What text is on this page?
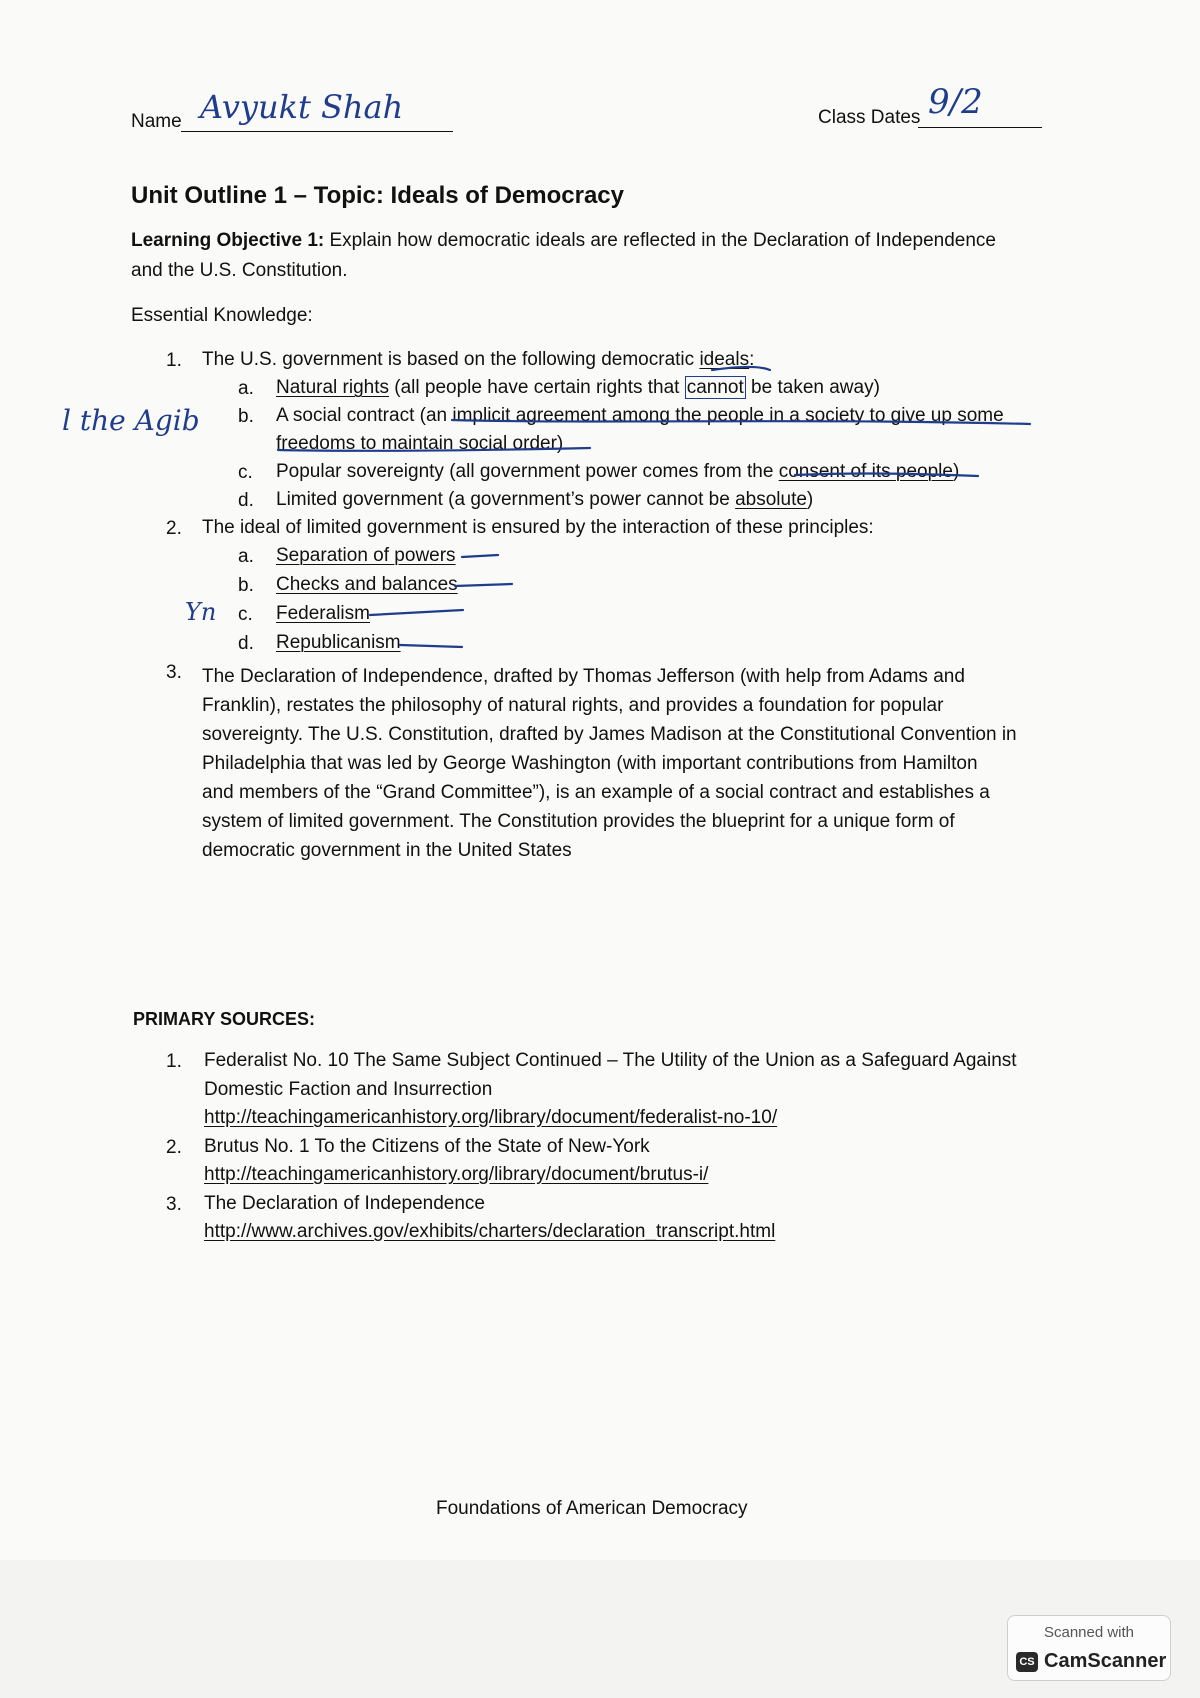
Name Avyukt Shah	Class Dates 9/2
Unit Outline 1 – Topic: Ideals of Democracy
Learning Objective 1: Explain how democratic ideals are reflected in the Declaration of Independence
and the U.S. Constitution.
Essential Knowledge:
1. The U.S. government is based on the following democratic ideals:
a. Natural rights (all people have certain rights that cannot be taken away)
b. A social contract (an implicit agreement among the people in a society to give up some
freedoms to maintain social order)
c. Popular sovereignty (all government power comes from the consent of its people)
d. Limited government (a government’s power cannot be absolute)
2. The ideal of limited government is ensured by the interaction of these principles:
a. Separation of powers
b. Checks and balances
c. Federalism
d. Republicanism
3. The Declaration of Independence, drafted by Thomas Jefferson (with help from Adams and
Franklin), restates the philosophy of natural rights, and provides a foundation for popular
sovereignty. The U.S. Constitution, drafted by James Madison at the Constitutional Convention in
Philadelphia that was led by George Washington (with important contributions from Hamilton
and members of the “Grand Committee”), is an example of a social contract and establishes a
system of limited government. The Constitution provides the blueprint for a unique form of
democratic government in the United States
l the Agib
Yn
PRIMARY SOURCES:
1. Federalist No. 10 The Same Subject Continued – The Utility of the Union as a Safeguard Against
Domestic Faction and Insurrection
http://teachingamericanhistory.org/library/document/federalist-no-10/
2. Brutus No. 1 To the Citizens of the State of New-York
http://teachingamericanhistory.org/library/document/brutus-i/
3. The Declaration of Independence
http://www.archives.gov/exhibits/charters/declaration_transcript.html
Foundations of American Democracy
Scanned with
CS CamScanner
